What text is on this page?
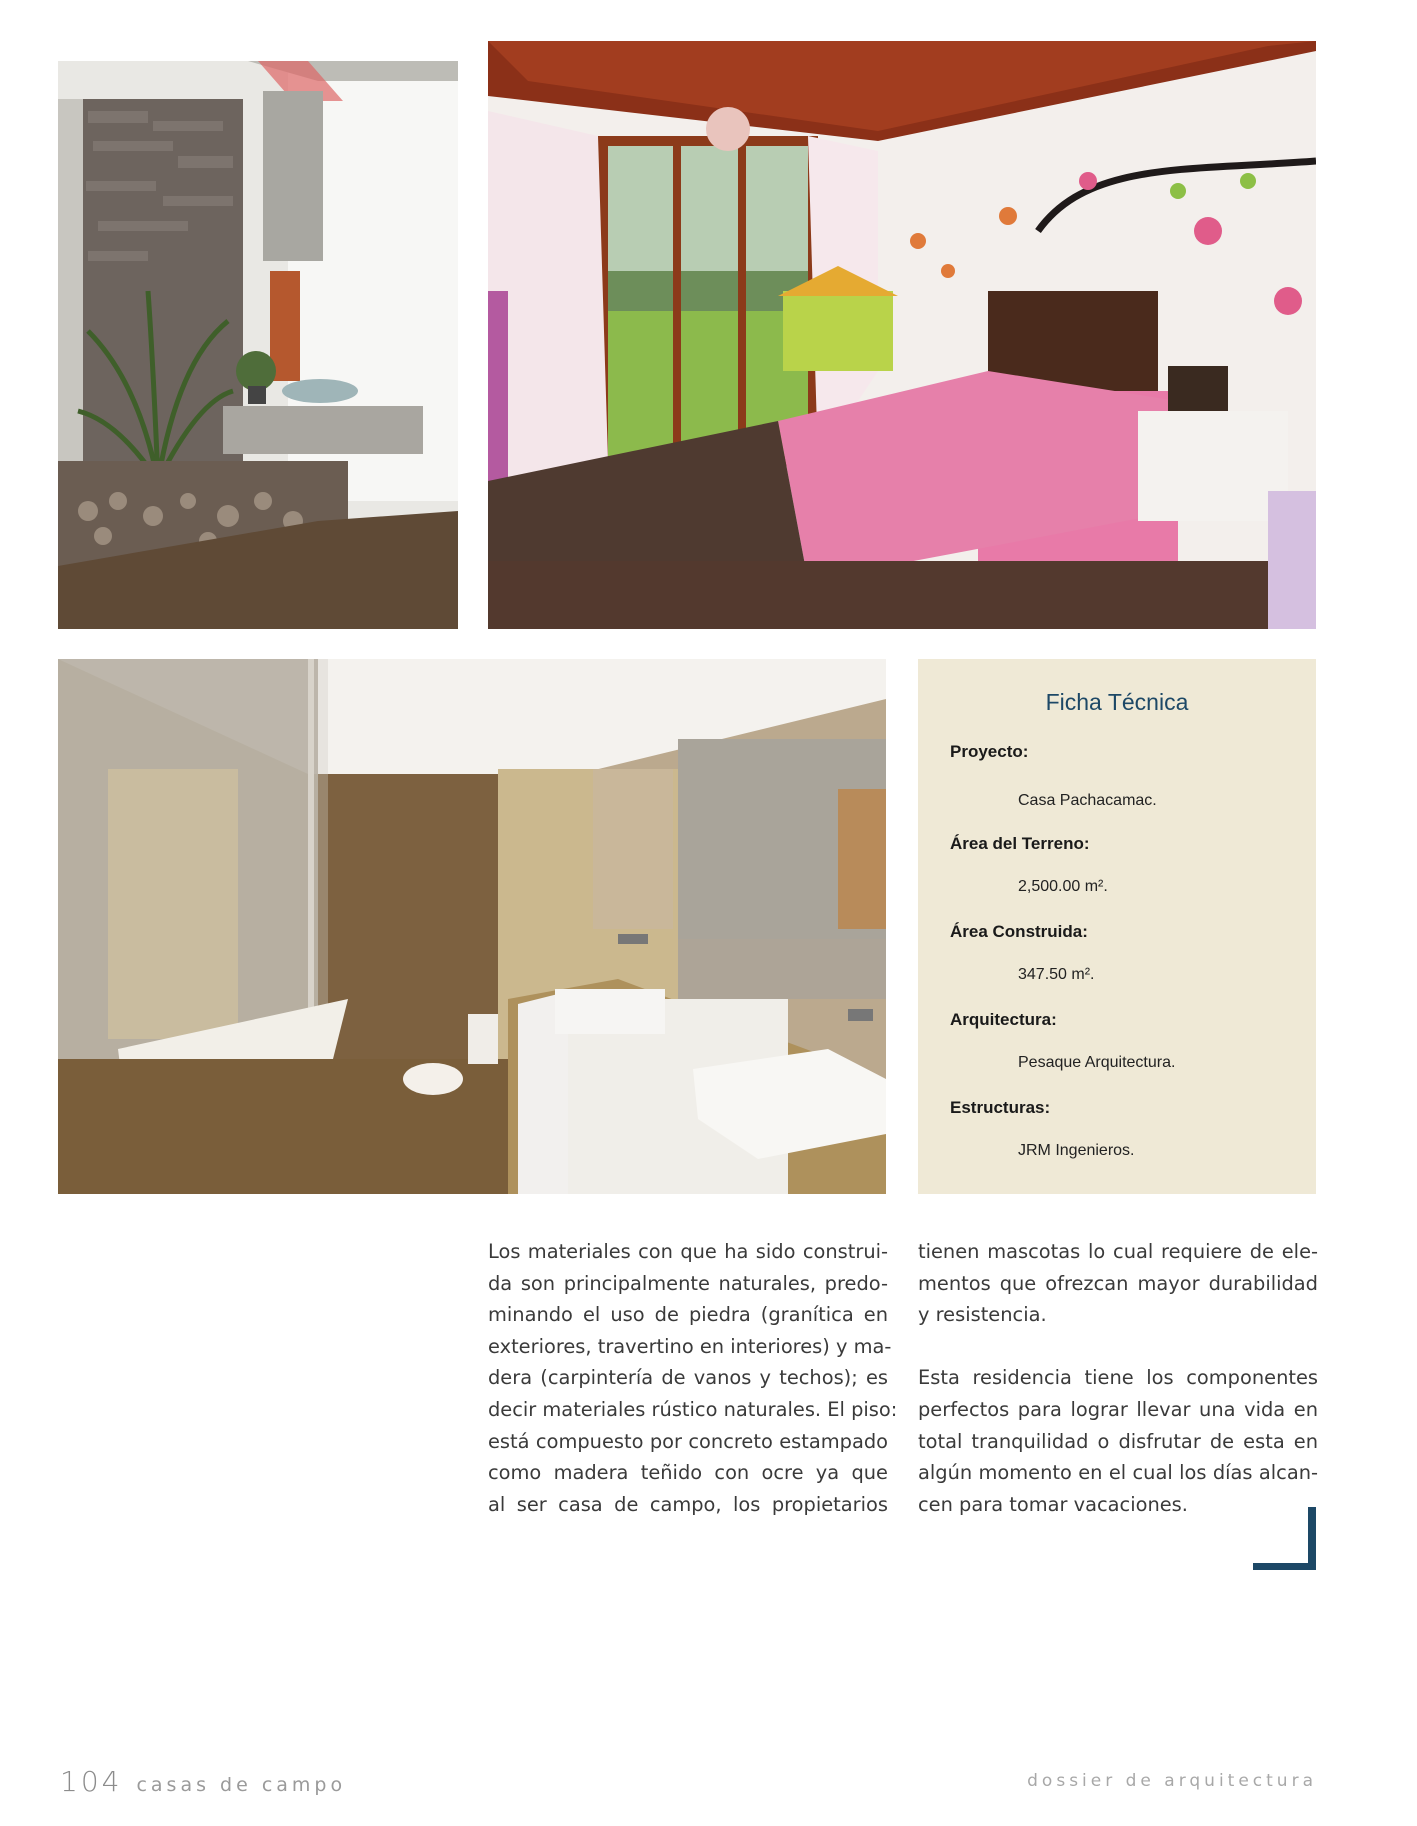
Ficha Técnica
Proyecto:
Casa Pachacamac.
Área del Terreno:
2,500.00 m².
Área Construida:
347.50 m².
Arquitectura:
Pesaque Arquitectura.
Estructuras:
JRM Ingenieros.
Los materiales con que ha sido construi-
da son principalmente naturales, predo-
minando el uso de piedra (granítica en
exteriores, travertino en interiores) y ma-
dera (carpintería de vanos y techos); es
decir materiales rústico naturales. El piso:
está compuesto por concreto estampado
como madera teñido con ocre ya que
al ser casa de campo, los propietarios
tienen mascotas lo cual requiere de ele-
mentos que ofrezcan mayor durabilidad
y resistencia.
Esta residencia tiene los componentes
perfectos para lograr llevar una vida en
total tranquilidad o disfrutar de esta en
algún momento en el cual los días alcan-
cen para tomar vacaciones.
104 casas de campo	dossier de arquitectura
